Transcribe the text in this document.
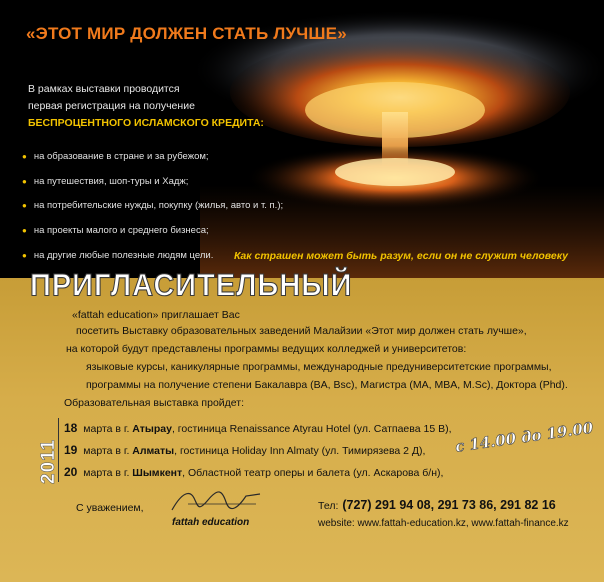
«ЭТОТ МИР ДОЛЖЕН СТАТЬ ЛУЧШЕ»
В рамках выставки проводится
первая регистрация на получение
БЕСПРОЦЕНТНОГО ИСЛАМСКОГО КРЕДИТА:
● на образование в стране и за рубежом;
● на путешествия, шоп-туры и Хадж;
● на потребительские нужды, покупку (жилья, авто и т. п.);
● на проекты малого и среднего бизнеса;
● на другие любые полезные людям цели. Как страшен может быть разум, если он не служит человеку
ПРИГЛАСИТЕЛЬНЫЙ
«fattah education» приглашает Вас
посетить Выставку образовательных заведений Малайзии «Этот мир должен стать лучше»,
на которой будут представлены программы ведущих колледжей и университетов:
языковые курсы, каникулярные программы, международные предуниверситетские программы,
программы на получение степени Бакалавра (BA, Bsc), Магистра (MA, MBA, M.Sc), Доктора (Phd).
Образовательная выставка пройдет:
2011
18 марта в г. Атырау, гостиница Renaissance Atyrau Hotel (ул. Сатпаева 15 В),
19 марта в г. Алматы, гостиница Holiday Inn Almaty (ул. Тимирязева 2 Д),
20 марта в г. Шымкент, Областной театр оперы и балета (ул. Аскарова б/н),
с 14.00 до 19.00
С уважением,
fattah education
Тел: (727) 291 94 08, 291 73 86, 291 82 16
website: www.fattah-education.kz, www.fattah-finance.kz
